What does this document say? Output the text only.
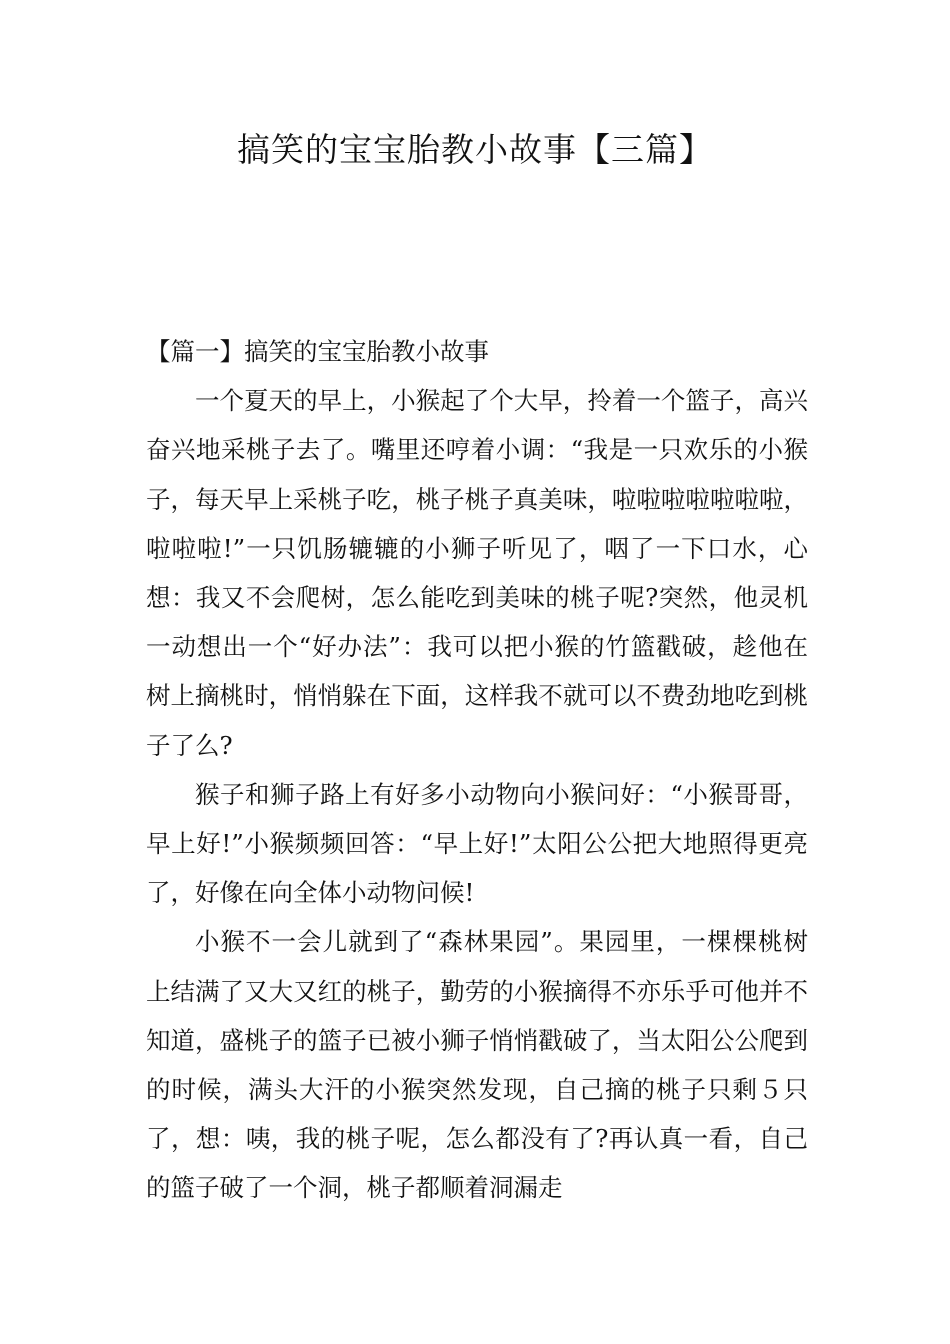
搞笑的宝宝胎教小故事【三篇】

【篇一】搞笑的宝宝胎教小故事

一个夏天的早上，小猴起了个大早，拎着一个篮子，高兴奋兴地采桃子去了。嘴里还哼着小调：“我是一只欢乐的小猴子，每天早上采桃子吃，桃子桃子真美味，啦啦啦啦啦啦啦，啦啦啦!”一只饥肠辘辘的小狮子听见了，咽了一下口水，心想：我又不会爬树，怎么能吃到美味的桃子呢?突然，他灵机一动想出一个“好办法”：我可以把小猴的竹篮戳破，趁他在树上摘桃时，悄悄躲在下面，这样我不就可以不费劲地吃到桃子了么?

猴子和狮子路上有好多小动物向小猴问好：“小猴哥哥，早上好!”小猴频频回答：“早上好!”太阳公公把大地照得更亮了，好像在向全体小动物问候!

小猴不一会儿就到了“森林果园”。果园里，一棵棵桃树上结满了又大又红的桃子，勤劳的小猴摘得不亦乐乎可他并不知道，盛桃子的篮子已被小狮子悄悄戳破了，当太阳公公爬到的时候，满头大汗的小猴突然发现，自己摘的桃子只剩５只了，想：咦，我的桃子呢，怎么都没有了?再认真一看，自己的篮子破了一个洞，桃子都顺着洞漏走
